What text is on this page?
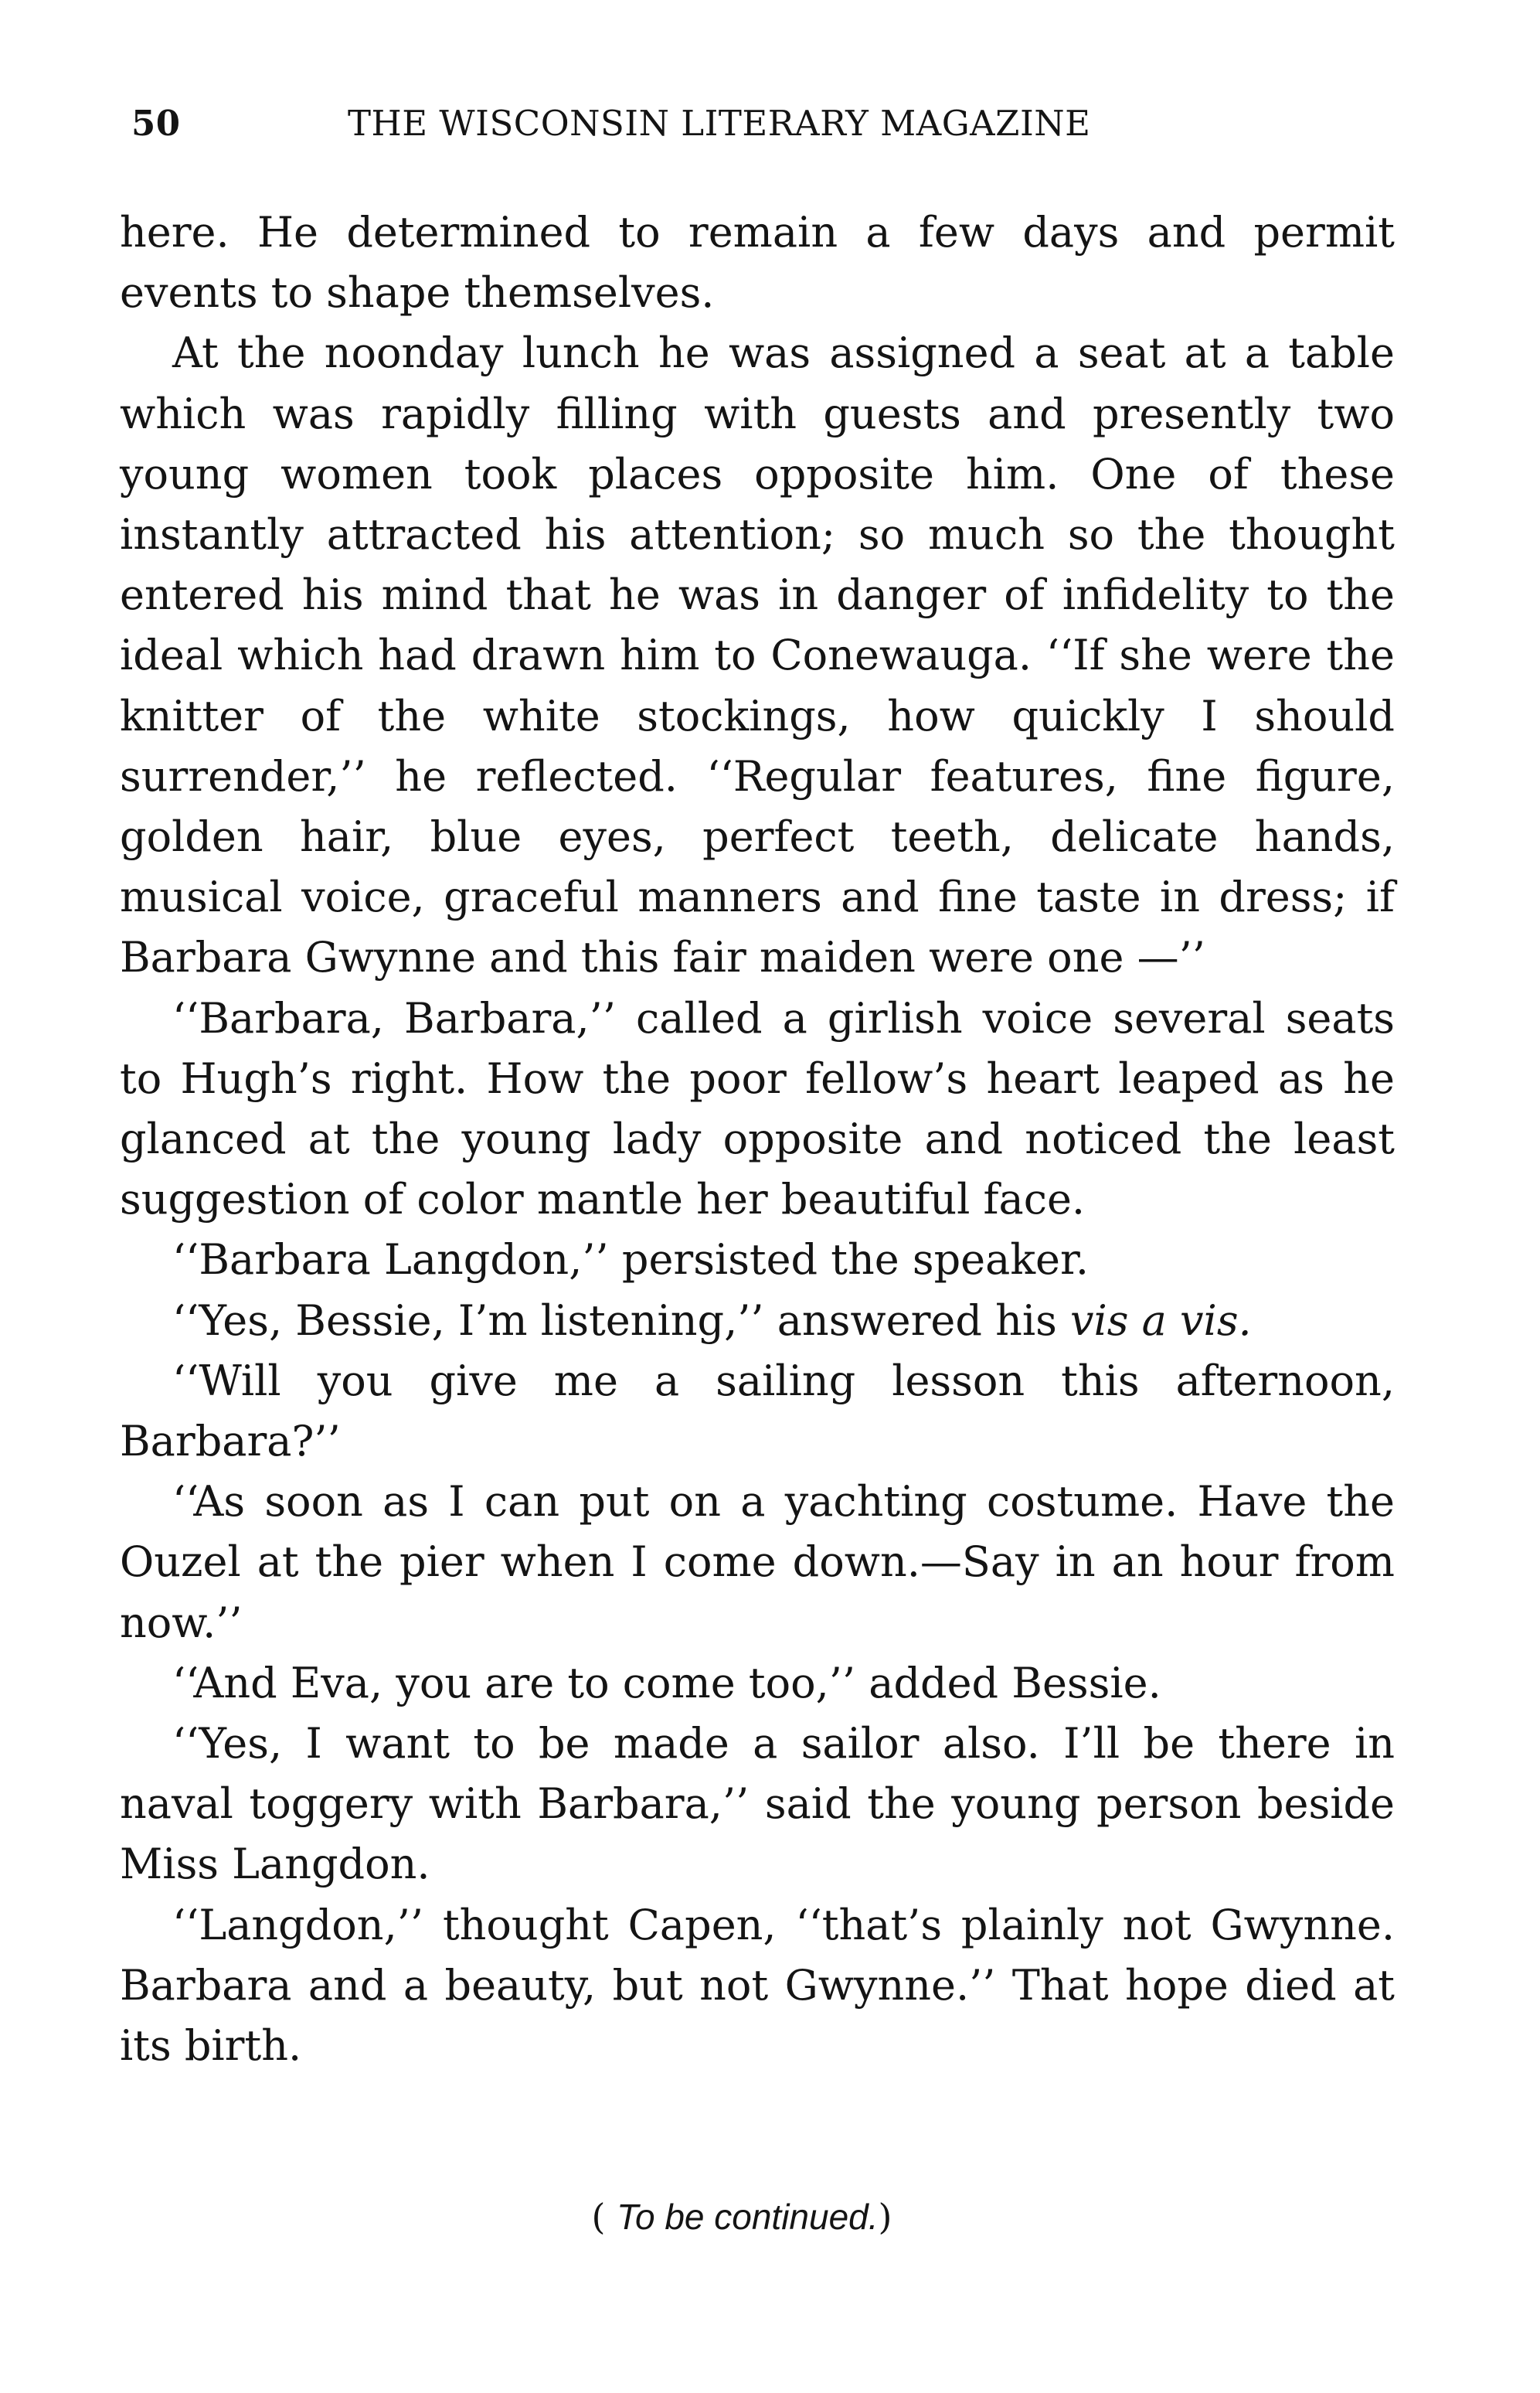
50	THE WISCONSIN LITERARY MAGAZINE

here. He determined to remain a few days and permit events to shape themselves.

At the noonday lunch he was assigned a seat at a table which was rapidly filling with guests and presently two young women took places opposite him. One of these instantly attracted his attention; so much so the thought entered his mind that he was in danger of infidelity to the ideal which had drawn him to Conewauga. ‘‘If she were the knitter of the white stockings, how quickly I should surrender,’’ he reflected. ‘‘Regular features, fine figure, golden hair, blue eyes, perfect teeth, delicate hands, musical voice, graceful manners and fine taste in dress; if Barbara Gwynne and this fair maiden were one —’’

‘‘Barbara, Barbara,’’ called a girlish voice several seats to Hugh’s right. How the poor fellow’s heart leaped as he glanced at the young lady opposite and noticed the least suggestion of color mantle her beautiful face.

‘‘Barbara Langdon,’’ persisted the speaker.

‘‘Yes, Bessie, I’m listening,’’ answered his vis a vis.

‘‘Will you give me a sailing lesson this afternoon, Barbara?’’

‘‘As soon as I can put on a yachting costume. Have the Ouzel at the pier when I come down.—Say in an hour from now.’’

‘‘And Eva, you are to come too,’’ added Bessie.

‘‘Yes, I want to be made a sailor also. I’ll be there in naval toggery with Barbara,’’ said the young person beside Miss Langdon.

‘‘Langdon,’’ thought Capen, ‘‘that’s plainly not Gwynne. Barbara and a beauty, but not Gwynne.’’ That hope died at its birth.

( To be continued.)
